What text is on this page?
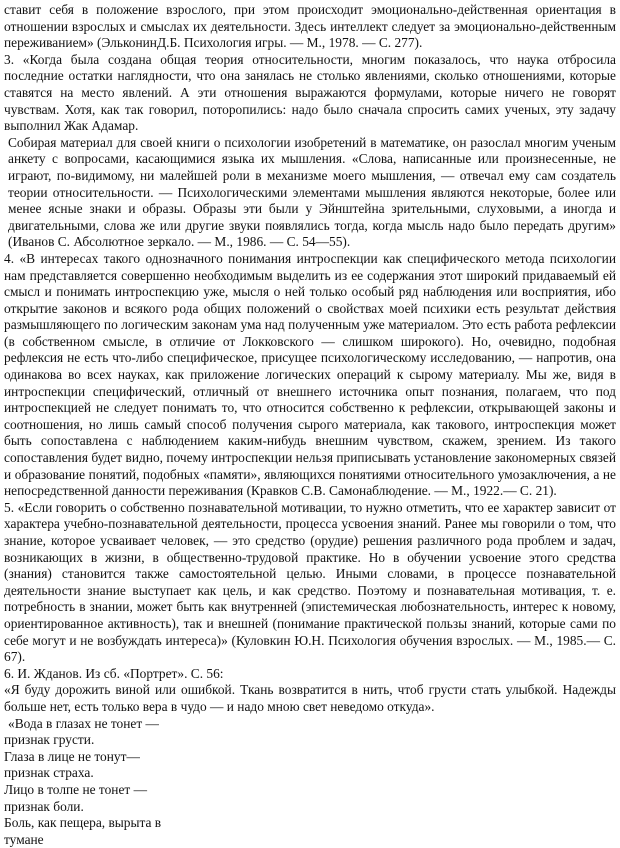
ставит себя в положение взрослого, при этом происходит эмоционально-действенная ориентация в отношении взрослых и смыслах их деятельности. Здесь интеллект следует за эмоционально-действенным переживанием» (ЭльконинД.Б. Психология игры. — М., 1978. — С. 277).

3. «Когда была создана общая теория относительности, многим показалось, что наука отбросила последние остатки наглядности, что она занялась не столько явлениями, сколько отношениями, которые ставятся на место явлений. А эти отношения выражаются формулами, которые ничего не говорят чувствам. Хотя, как так говорил, поторопились: надо было сначала спросить самих ученых, эту задачу выполнил Жак Адамар.

Собирая материал для своей книги о психологии изобретений в математике, он разослал многим ученым анкету с вопросами, касающимися языка их мышления. «Слова, написанные или произнесенные, не играют, по-видимому, ни малейшей роли в механизме моего мышления, — отвечал ему сам создатель теории относительности. — Психологическими элементами мышления являются некоторые, более или менее ясные знаки и образы. Образы эти были у Эйнштейна зрительными, слуховыми, а иногда и двигательными, слова же или другие звуки появлялись тогда, когда мысль надо было передать другим» (Иванов С. Абсолютное зеркало. — М., 1986. — С. 54—55).

4. «В интересах такого однозначного понимания интроспекции как специфического метода психологии нам представляется совершенно необходимым выделить из ее содержания этот широкий придаваемый ей смысл и понимать интроспекцию уже, мысля о ней только особый ряд наблюдения или восприятия, ибо открытие законов и всякого рода общих положений о свойствах моей психики есть результат действия размышляющего по логическим законам ума над полученным уже материалом. Это есть работа рефлексии (в собственном смысле, в отличие от Локковского — слишком широкого). Но, очевидно, подобная рефлексия не есть что-либо специфическое, присущее психологическому исследованию, — напротив, она одинакова во всех науках, как приложение логических операций к сырому материалу. Мы же, видя в интроспекции специфический, отличный от внешнего источника опыт познания, полагаем, что под интроспекцией не следует понимать то, что относится собственно к рефлексии, открывающей законы и соотношения, но лишь самый способ получения сырого материала, как такового, интроспекция может быть сопоставлена с наблюдением каким-нибудь внешним чувством, скажем, зрением. Из такого сопоставления будет видно, почему интроспекции нельзя приписывать установление закономерных связей и образование понятий, подобных «памяти», являющихся понятиями относительного умозаключения, а не непосредственной данности переживания (Кравков С.В. Самонаблюдение. — М., 1922.— С. 21).

5. «Если говорить о собственно познавательной мотивации, то нужно отметить, что ее характер зависит от характера учебно-познавательной деятельности, процесса усвоения знаний. Ранее мы говорили о том, что знание, которое усваивает человек, — это средство (орудие) решения различного рода проблем и задач, возникающих в жизни, в общественно-трудовой практике. Но в обучении усвоение этого средства (знания) становится также самостоятельной целью. Иными словами, в процессе познавательной деятельности знание выступает как цель, и как средство. Поэтому и познавательная мотивация, т. е. потребность в знании, может быть как внутренней (эпистемическая любознательность, интерес к новому, ориентированное активность), так и внешней (понимание практической пользы знаний, которые сами по себе могут и не возбуждать интереса)» (Куловкин Ю.Н. Психология обучения взрослых. — М., 1985.— С. 67).

6. И. Жданов. Из сб. «Портрет». С. 56:

«Я буду дорожить виной или ошибкой. Ткань возвратится в нить, чтоб грусти стать улыбкой. Надежды больше нет, есть только вера в чудо — и надо мною свет неведомо откуда».

«Вода в глазах не тонет —

признак грусти.

Глаза в лице не тонут—

признак страха.

Лицо в толпе не тонет —

признак боли.

Боль, как пещера, вырыта в

тумане
